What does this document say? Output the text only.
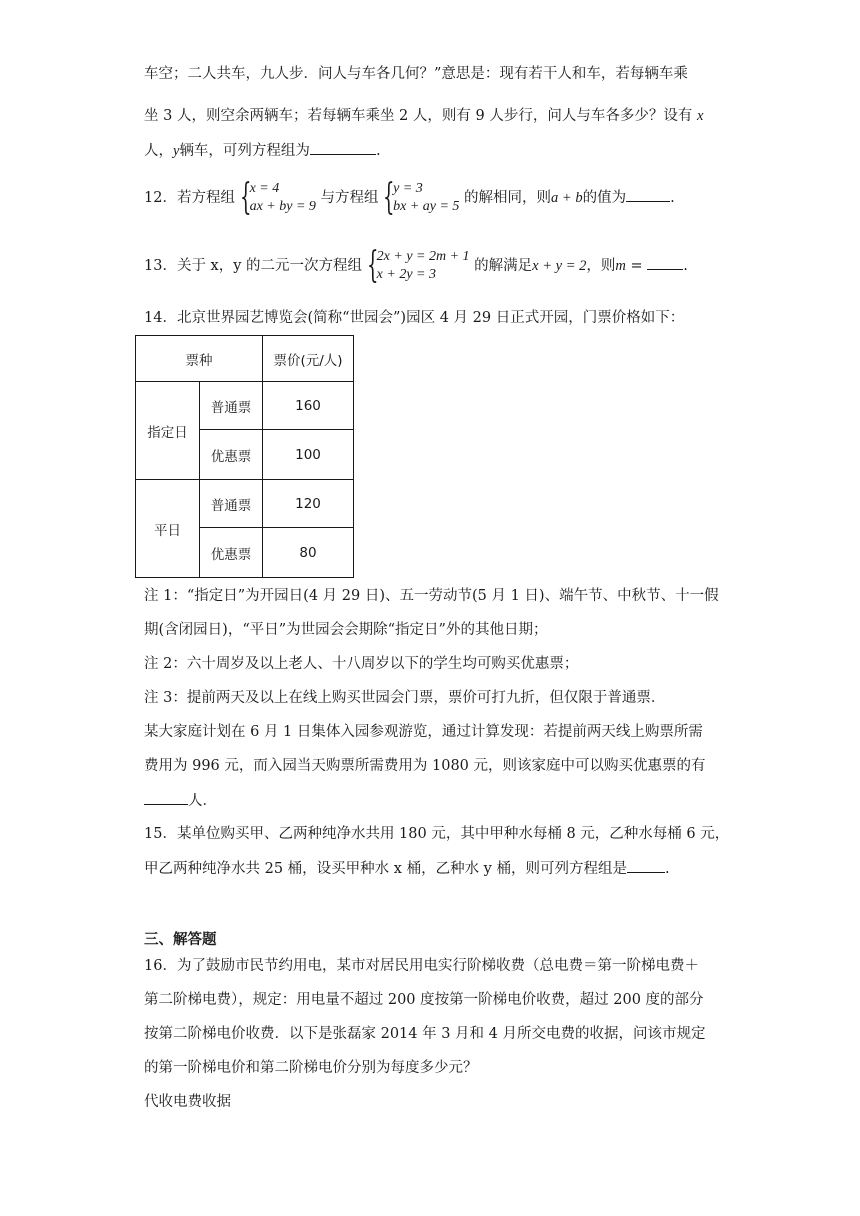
车空；二人共车，九人步．问人与车各几何？”意思是：现有若干人和车，若每辆车乘
坐 3 人，则空余两辆车；若每辆车乘坐 2 人，则有 9 人步行，问人与车各多少？设有 x
人，y辆车，可列方程组为	.
12．若方程组 {
x = 4
ax + by = 9
与方程组 {
y = 3
bx + ay = 5
的解相同，则a + b的值为	.
13．关于 x，y 的二元一次方程组 {
2x + y = 2m + 1
x + 2y = 3
的解满足x + y = 2，则m = .
14．北京世界园艺博览会(简称“世园会”)园区 4 月 29 日正式开园，门票价格如下：
票种		票价(元/人)
指定日	普通票	160
	优惠票	100
平日	普通票	120
	优惠票	80
注 1：“指定日”为开园日(4 月 29 日)、五一劳动节(5 月 1 日)、端午节、中秋节、十一假
期(含闭园日)，“平日”为世园会会期除“指定日”外的其他日期；
注 2：六十周岁及以上老人、十八周岁以下的学生均可购买优惠票；
注 3：提前两天及以上在线上购买世园会门票，票价可打九折，但仅限于普通票．
某大家庭计划在 6 月 1 日集体入园参观游览，通过计算发现：若提前两天线上购票所需
费用为 996 元，而入园当天购票所需费用为 1080 元，则该家庭中可以购买优惠票的有
人．
15．某单位购买甲、乙两种纯净水共用 180 元，其中甲种水每桶 8 元，乙种水每桶 6 元，
甲乙两种纯净水共 25 桶，设买甲种水 x 桶，乙种水 y 桶，则可列方程组是	.
三、解答题
16．为了鼓励市民节约用电，某市对居民用电实行阶梯收费（总电费＝第一阶梯电费＋
第二阶梯电费），规定：用电量不超过 200 度按第一阶梯电价收费，超过 200 度的部分
按第二阶梯电价收费．以下是张磊家 2014 年 3 月和 4 月所交电费的收据，问该市规定
的第一阶梯电价和第二阶梯电价分别为每度多少元？
代收电费收据
